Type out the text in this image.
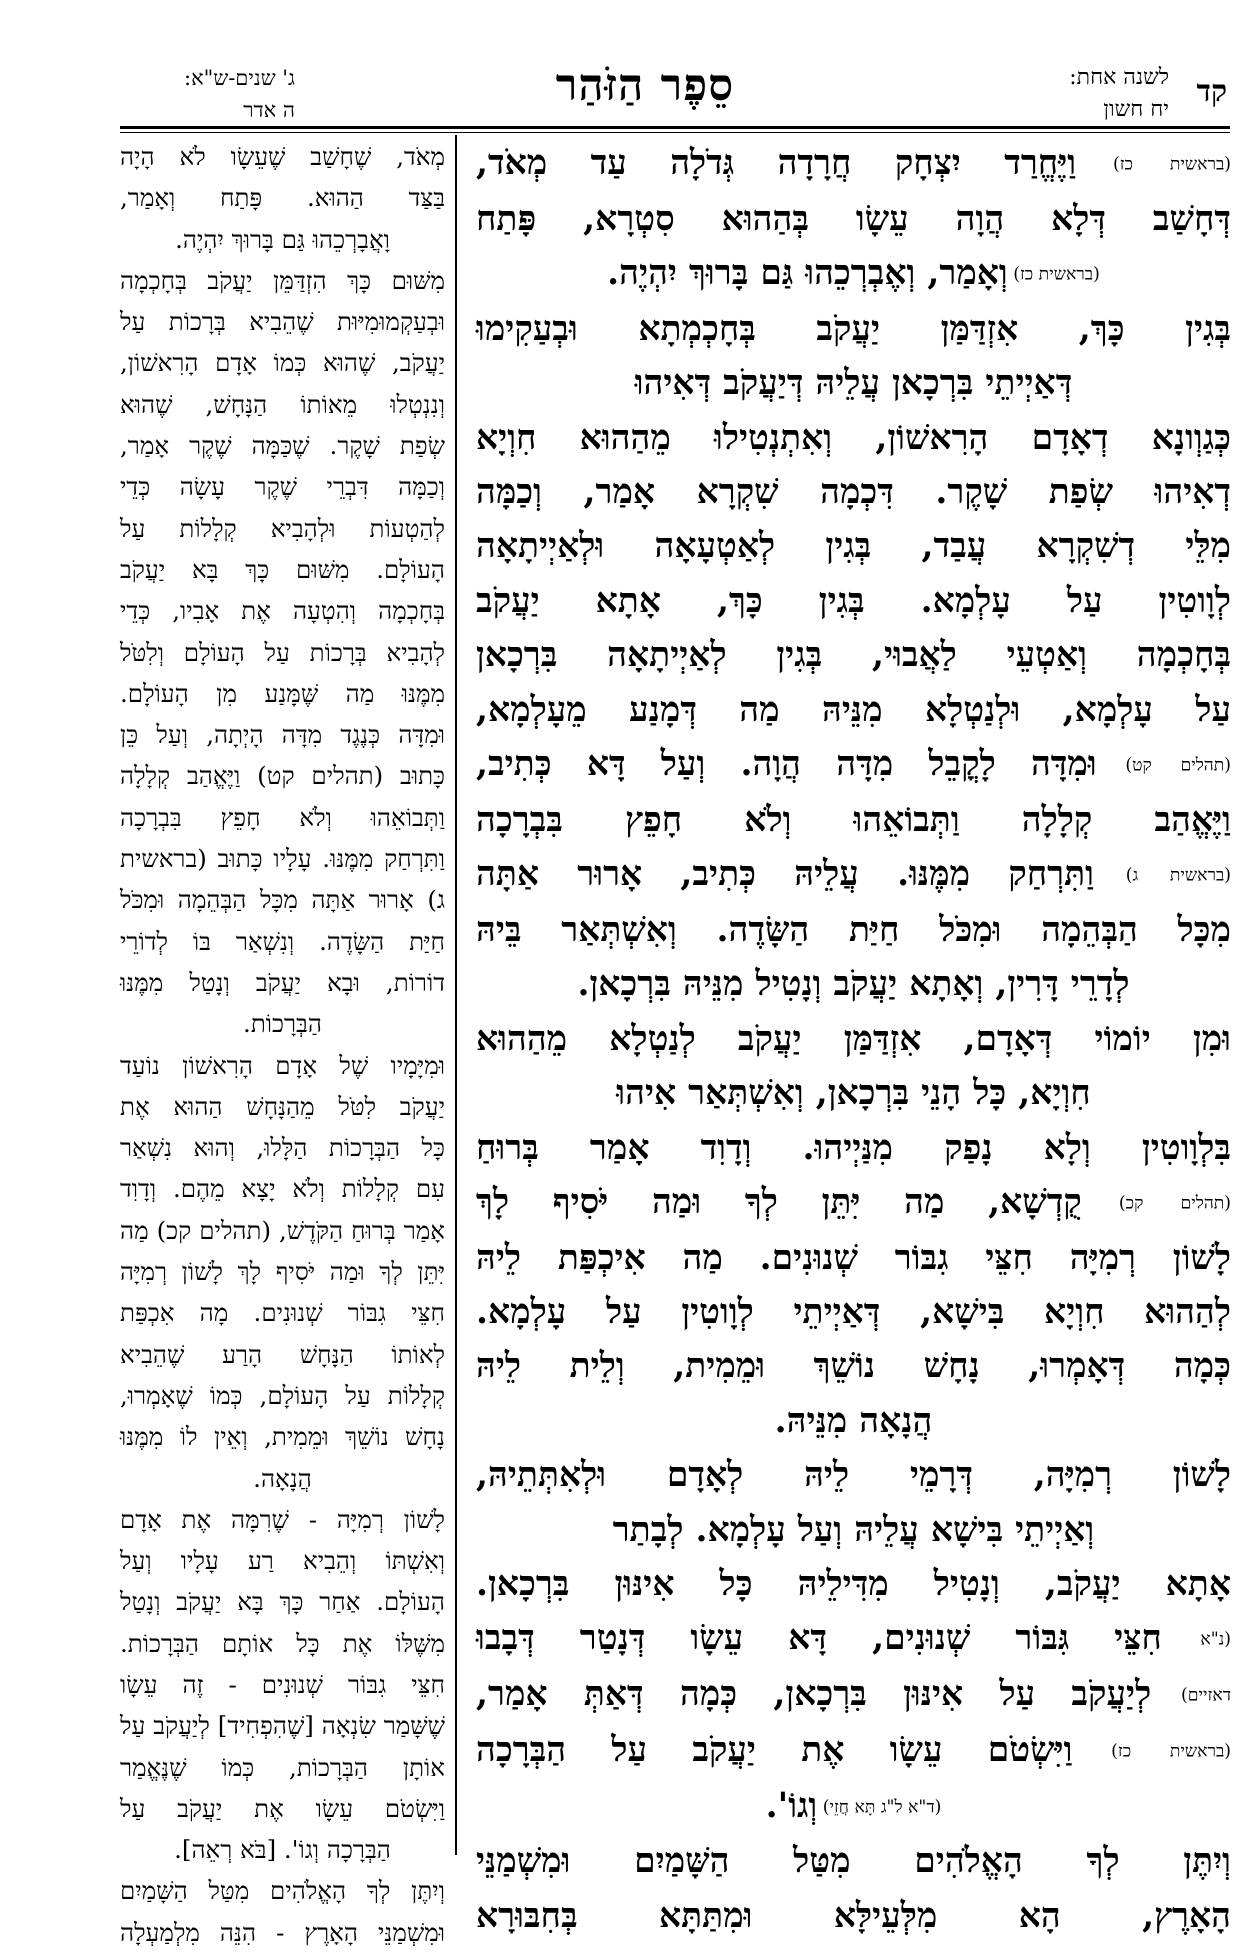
קד
לשנה אחת:
יח חשון
סֵפֶר הַזֹּהַר
ג' שנים-ש"א:
ה אדר
(בראשית כז) וַיֶּחֱרַד יִצְחָק חֲרָדָה גְּדֹלָה עַד מְאֹד,
דְּחָשַׁב דְּלָא הֲוָה עֵשָׂו בְּהַהוּא סִטְרָא, פָּתַח
(בראשית כז) וְאָמַר, וְאֶבְרְכֵהוּ גַּם בָּרוּךְ יִהְיֶה.
בְּגִין כָּךְ, אִזְדַּמַּן יַעֲקֹב בְּחָכְמְתָא וּבְעַקִימוּ
דְּאַיְיתֵי בִּרְכָאן עֲלֵיהּ דְּיַעֲקֹב דְּאִיהוּ
כְּגַוְונָא דְאָדָם הָרִאשׁוֹן, וְאִתְנְטִילוּ מֵהַהוּא חִוְיָא
דְאִיהוּ שְׂפַת שָׁקֶר. דִּכְמָה שִׁקְרָא אָמַר, וְכַמָּה
מִלֵּי דְשִׁקְרָא עֲבַד, בְּגִין לְאַטְעָאָה וּלְאַיְיתָאָה
לְוָוטִין עַל עָלְמָא. בְּגִין כָּךְ, אָתָא יַעֲקֹב
בְּחָכְמָה וְאַטְעֵי לַאֲבוּי, בְּגִין לְאַיְיתָאָה בִּרְכָאן
עַל עָלְמָא, וּלְנַטְלָא מִנֵּיהּ מַה דְּמָנַע מֵעָלְמָא,
(תהלים קט) וּמִדָּה לָקֳבֵל מִדָּה הֲוָה. וְעַל דָּא כְּתִיב,
וַיֶּאֱהַב קְלָלָה וַתְּבוֹאֵהוּ וְלֹא חָפֵץ בִּבְרָכָה
(בראשית ג) וַתִּרְחַק מִמֶּנּוּ. עֲלֵיהּ כְּתִיב, אָרוּר אַתָּה
מִכָּל הַבְּהֵמָה וּמִכֹּל חַיַּת הַשָּׂדֶה. וְאִשְׁתְּאַר בֵּיהּ
לְדָרֵי דָּרִין, וְאָתָא יַעֲקֹב וְנָטִיל מִנֵּיהּ בִּרְכָאן.
וּמִן יוֹמוֹי דְּאָדָם, אִזְדַּמַּן יַעֲקֹב לְנַטְלָא מֵהַהוּא
חִוְיָא, כָּל הָנֵי בִּרְכָאן, וְאִשְׁתְּאַר אִיהוּ
בִּלְוָוטִין וְלָא נָפַק מִנַּיְיהוּ. וְדָוִד אָמַר בְּרוּחַ
(תהלים קכ) קֻדְשָׁא, מַה יִּתֵּן לְךָ וּמַה יֹּסִיף לָךְ
לָשׁוֹן רְמִיָּה חִצֵּי גִבּוֹר שְׁנוּנִים. מַה אִיכְפַּת לֵיהּ
לְהַהוּא חִוְיָא בִּישָׁא, דְּאַיְיתֵי לְוָוטִין עַל עָלְמָא.
כְּמָה דְּאָמְרוּ, נָחָשׁ נוֹשֵׁךְ וּמֵמִית, וְלֵית לֵיהּ
הֲנָאָה מִנֵּיהּ.
לָשׁוֹן רְמִיָּה, דְּרָמֵי לֵיהּ לְאָדָם וּלְאִתְּתֵיהּ,
וְאַיְיתֵי בִּישָׁא עֲלֵיהּ וְעַל עָלְמָא. לְבָתַר
אָתָא יַעֲקֹב, וְנָטִיל מִדִּילֵיהּ כָּל אִינּוּן בִּרְכָאן.
(נ"א חִצֵּי גִּבּוֹר שְׁנוּנִים, דָּא עֵשָׂו דְּנָטַר דְּבָבוּ
דאזיים) לְיַעֲקֹב עַל אִינּוּן בִּרְכָאן, כְּמָה דְּאַתְּ אָמַר,
(בראשית כז) וַיִּשְׂטֹם עֵשָׂו אֶת יַעֲקֹב עַל הַבְּרָכָה
(ד"א ל"ג תָּא חֲזֵי) וְגוֹ'.
וְיִתֶּן לְךָ הָאֱלֹהִים מִטַּל הַשָּׁמַיִם וּמִשְׁמַנֵּי
הָאָרֶץ, הָא מִלְּעֵילָּא וּמִתַּתָּא בְּחִבּוּרָא
מְאֹד, שֶׁחָשַׁב שֶׁעֵשָׂו לֹא הָיָה
בַּצַּד הַהוּא. פָּתַח וְאָמַר,
וָאֲבָרְכֵהוּ גַּם בָּרוּךְ יִהְיֶה.
מִשּׁוּם כָּךְ הִזְדַּמֵּן יַעֲקֹב בְּחָכְמָה
וּבְעַקְמוּמִיּוּת שֶׁהֵבִיא בְּרָכוֹת עַל
יַעֲקֹב, שֶׁהוּא כְּמוֹ אָדָם הָרִאשׁוֹן,
וְנִנְטְלוּ מֵאוֹתוֹ הַנָּחָשׁ, שֶׁהוּא
שְׂפַת שָׁקֶר. שֶׁכַּמָּה שֶׁקֶר אָמַר,
וְכַמָּה דִּבְרֵי שֶׁקֶר עָשָׂה כְּדֵי
לְהַטְעוֹת וּלְהָבִיא קְלָלוֹת עַל
הָעוֹלָם. מִשּׁוּם כָּךְ בָּא יַעֲקֹב
בְּחָכְמָה וְהִטְעָה אֶת אָבִיו, כְּדֵי
לְהָבִיא בְּרָכוֹת עַל הָעוֹלָם וְלִטֹּל
מִמֶּנּוּ מַה שֶּׁמָּנַע מִן הָעוֹלָם.
וּמִדָּה כְּנֶגֶד מִדָּה הָיְתָה, וְעַל כֵּן
כָּתוּב (תהלים קט) וַיֶּאֱהַב קְלָלָה
וַתְּבוֹאֵהוּ וְלֹא חָפֵץ בִּבְרָכָה
וַתִּרְחַק מִמֶּנּוּ. עָלָיו כָּתוּב (בראשית
ג) אָרוּר אַתָּה מִכָּל הַבְּהֵמָה וּמִכֹּל
חַיַּת הַשָּׂדֶה. וְנִשְׁאַר בּוֹ לְדוֹרֵי
דוֹרוֹת, וּבָא יַעֲקֹב וְנָטַל מִמֶּנּוּ
הַבְּרָכוֹת.
וּמִיָּמָיו שֶׁל אָדָם הָרִאשׁוֹן נוֹעַד
יַעֲקֹב לִטֹּל מֵהַנָּחָשׁ הַהוּא אֶת
כָּל הַבְּרָכוֹת הַלָּלוּ, וְהוּא נִשְׁאַר
עִם קְלָלוֹת וְלֹא יָצָא מֵהֶם. וְדָוִד
אָמַר בְּרוּחַ הַקֹּדֶשׁ, (תהלים קכ) מַה
יִּתֵּן לְךָ וּמַה יֹּסִיף לָךְ לָשׁוֹן רְמִיָּה
חִצֵּי גִבּוֹר שְׁנוּנִים. מָה אִכְפַּת
לְאוֹתוֹ הַנָּחָשׁ הָרַע שֶׁהֵבִיא
קְלָלוֹת עַל הָעוֹלָם, כְּמוֹ שֶׁאָמְרוּ,
נָחָשׁ נוֹשֵׁךְ וּמֵמִית, וְאֵין לוֹ מִמֶּנּוּ
הֲנָאָה.
לָשׁוֹן רְמִיָּה - שֶׁרִמָּה אֶת אָדָם
וְאִשְׁתּוֹ וְהֵבִיא רַע עָלָיו וְעַל
הָעוֹלָם. אַחַר כָּךְ בָּא יַעֲקֹב וְנָטַל
מִשֶּׁלּוֹ אֶת כָּל אוֹתָם הַבְּרָכוֹת.
חִצֵּי גִבּוֹר שְׁנוּנִים - זֶה עֵשָׂו
שֶׁשָּׁמַר שִׂנְאָה [שֶׁהִפְחִיד] לְיַעֲקֹב עַל
אוֹתָן הַבְּרָכוֹת, כְּמוֹ שֶׁנֶּאֱמַר
וַיִּשְׂטֹם עֵשָׂו אֶת יַעֲקֹב עַל
הַבְּרָכָה וְגוֹ'. [בֹּא רְאֵה].
וְיִתֶּן לְךָ הָאֱלֹהִים מִטַּל הַשָּׁמַיִם
וּמִשְׁמַנֵּי הָאָרֶץ - הִנֵּה מִלְמַעְלָה
